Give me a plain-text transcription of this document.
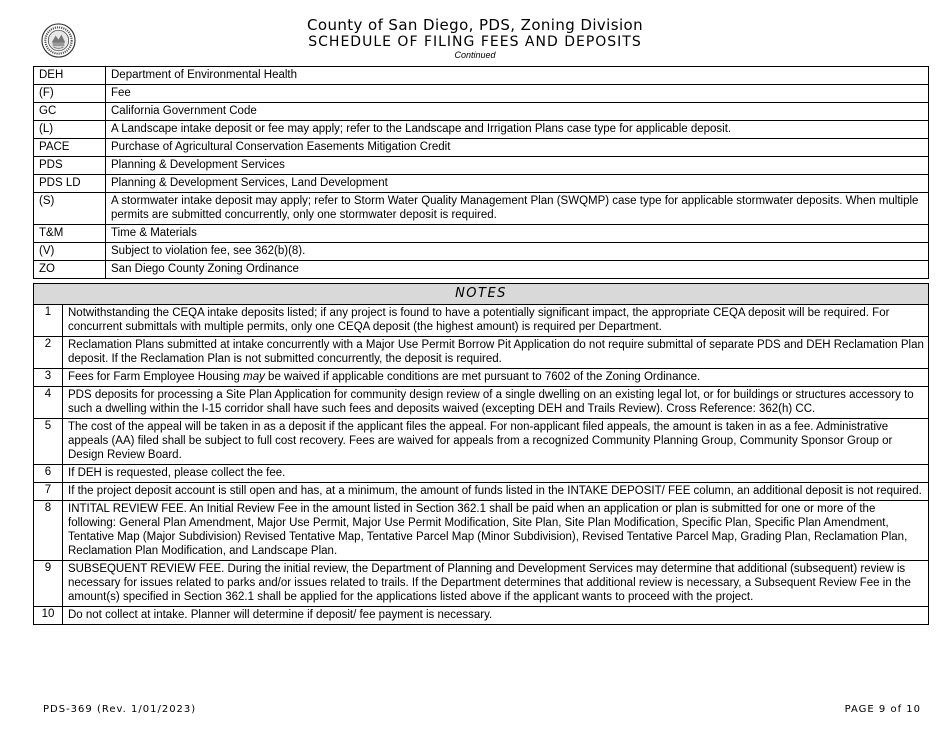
County of San Diego, PDS, Zoning Division
SCHEDULE OF FILING FEES AND DEPOSITS
Continued
DEH	Department of Environmental Health
(F)	Fee
GC	California Government Code
(L)	A Landscape intake deposit or fee may apply; refer to the Landscape and Irrigation Plans case type for applicable deposit.
PACE	Purchase of Agricultural Conservation Easements Mitigation Credit
PDS	Planning & Development Services
PDS LD	Planning & Development Services, Land Development
(S)	A stormwater intake deposit may apply; refer to Storm Water Quality Management Plan (SWQMP) case type for applicable stormwater deposits. When multiple permits are submitted concurrently, only one stormwater deposit is required.
T&M	Time & Materials
(V)	Subject to violation fee, see 362(b)(8).
ZO	San Diego County Zoning Ordinance
NOTES
1	Notwithstanding the CEQA intake deposits listed; if any project is found to have a potentially significant impact, the appropriate CEQA deposit will be required. For concurrent submittals with multiple permits, only one CEQA deposit (the highest amount) is required per Department.
2	Reclamation Plans submitted at intake concurrently with a Major Use Permit Borrow Pit Application do not require submittal of separate PDS and DEH Reclamation Plan deposit. If the Reclamation Plan is not submitted concurrently, the deposit is required.
3	Fees for Farm Employee Housing may be waived if applicable conditions are met pursuant to 7602 of the Zoning Ordinance.
4	PDS deposits for processing a Site Plan Application for community design review of a single dwelling on an existing legal lot, or for buildings or structures accessory to such a dwelling within the I-15 corridor shall have such fees and deposits waived (excepting DEH and Trails Review). Cross Reference: 362(h) CC.
5	The cost of the appeal will be taken in as a deposit if the applicant files the appeal. For non-applicant filed appeals, the amount is taken in as a fee. Administrative appeals (AA) filed shall be subject to full cost recovery. Fees are waived for appeals from a recognized Community Planning Group, Community Sponsor Group or Design Review Board.
6	If DEH is requested, please collect the fee.
7	If the project deposit account is still open and has, at a minimum, the amount of funds listed in the INTAKE DEPOSIT/ FEE column, an additional deposit is not required.
8	INTITAL REVIEW FEE. An Initial Review Fee in the amount listed in Section 362.1 shall be paid when an application or plan is submitted for one or more of the following: General Plan Amendment, Major Use Permit, Major Use Permit Modification, Site Plan, Site Plan Modification, Specific Plan, Specific Plan Amendment, Tentative Map (Major Subdivision) Revised Tentative Map, Tentative Parcel Map (Minor Subdivision), Revised Tentative Parcel Map, Grading Plan, Reclamation Plan, Reclamation Plan Modification, and Landscape Plan.
9	SUBSEQUENT REVIEW FEE. During the initial review, the Department of Planning and Development Services may determine that additional (subsequent) review is necessary for issues related to parks and/or issues related to trails. If the Department determines that additional review is necessary, a Subsequent Review Fee in the amount(s) specified in Section 362.1 shall be applied for the applications listed above if the applicant wants to proceed with the project.
10	Do not collect at intake. Planner will determine if deposit/ fee payment is necessary.
PDS-369 (Rev. 1/01/2023)	PAGE 9 of 10
